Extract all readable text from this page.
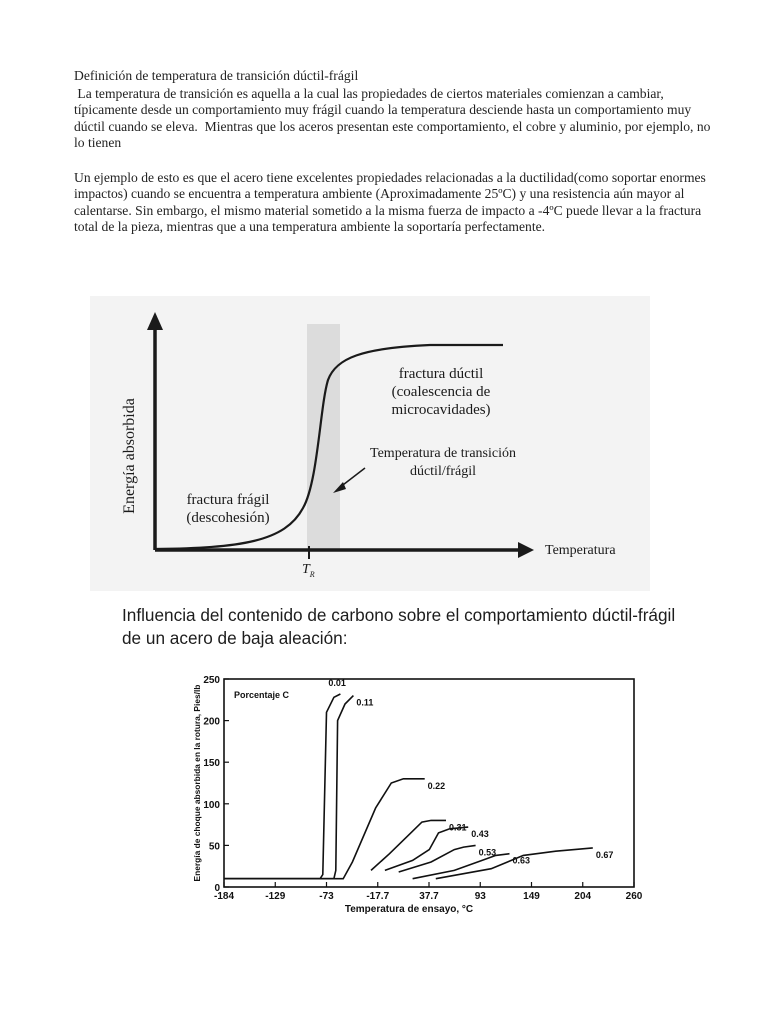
Definición de temperatura de transición dúctil-frágil

La temperatura de transición es aquella a la cual las propiedades de ciertos materiales comienzan a cambiar, típicamente desde un comportamiento muy frágil cuando la temperatura desciende hasta un comportamiento muy dúctil cuando se eleva.  Mientras que los aceros presentan este comportamiento, el cobre y aluminio, por ejemplo, no lo tienen

Un ejemplo de esto es que el acero tiene excelentes propiedades relacionadas a la ductilidad(como soportar enormes impactos) cuando se encuentra a temperatura ambiente (Aproximadamente 25ºC) y una resistencia aún mayor al calentarse. Sin embargo, el mismo material sometido a la misma fuerza de impacto a -4ºC puede llevar a la fractura total de la pieza, mientras que a una temperatura ambiente la soportaría perfectamente.

$T_R$
Energía absorbida
Temperatura
fractura dúctil
(coalescencia de
microcavidades)
fractura frágil
(descohesión)
Temperatura de transición
dúctil/frágil
Influencia del contenido de carbono sobre el comportamiento dúctil-frágil de un acero de baja aleación:
0
50
100
150
200
250
-184	-129	-73	-17.7	37.7	93	149	204	260
Temperatura de ensayo, °C
Energía de choque absorbida en la rotura, Pies/lb	Porcentaje C
0.01
0.11
0.22
0.31
0.43
0.53
0.63
0.67
